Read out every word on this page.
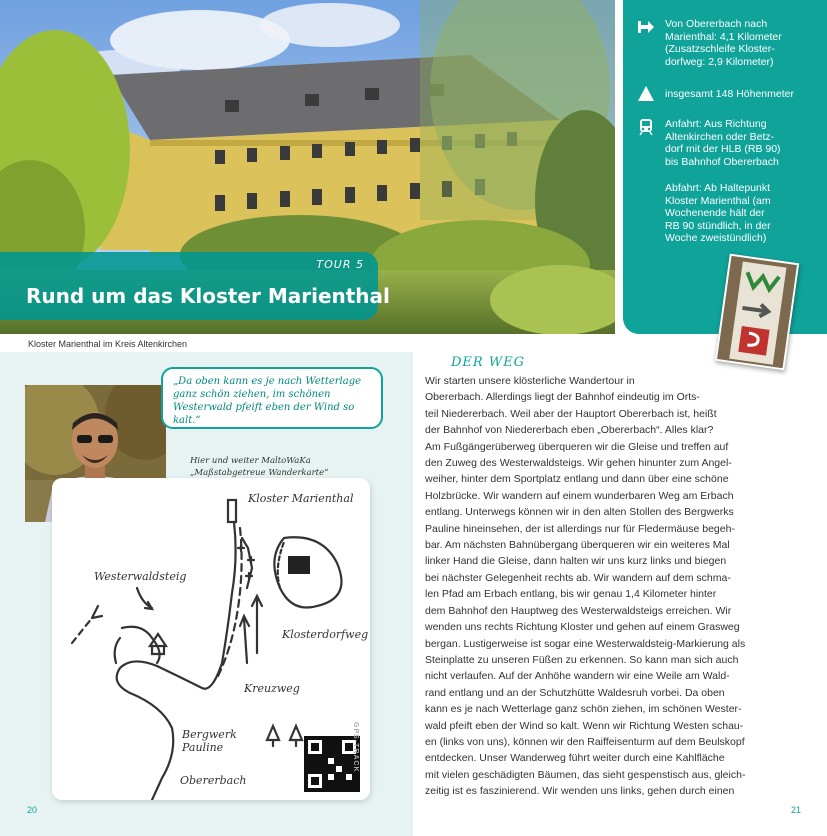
TOUR 5
Rund um das Kloster Marienthal
Kloster Marienthal im Kreis Altenkirchen
„Da oben kann es je nach Wetterlage ganz schön ziehen, im schönen Westerwald pfeift eben der Wind so kalt.“
Hier und weiter MaltoWaKa
„Maßstabgetreue Wanderkarte“
Kloster Marienthal
Westerwaldsteig
Klosterdorfweg
Kreuzweg
Bergwerk Pauline
Obererbach
GPS-TRACK
20
Von Obererbach nach
Marienthal: 4,1 Kilometer
(Zusatzschleife Kloster-
dorfweg: 2,9 Kilometer)
insgesamt 148 Höhenmeter
Anfahrt: Aus Richtung
Altenkirchen oder Betz-
dorf mit der HLB (RB 90)
bis Bahnhof Obererbach
Abfahrt: Ab Haltepunkt
Kloster Marienthal (am
Wochenende hält der
RB 90 stündlich, in der
Woche zweistündlich)
DER WEG
Wir starten unsere klösterliche Wandertour in
Obererbach. Allerdings liegt der Bahnhof eindeutig im Orts-
teil Niedererbach. Weil aber der Hauptort Obererbach ist, heißt
der Bahnhof von Niedererbach eben „Obererbach“. Alles klar?
Am Fußgängerüberweg überqueren wir die Gleise und treffen auf
den Zuweg des Westerwaldsteigs. Wir gehen hinunter zum Angel-
weiher, hinter dem Sportplatz entlang und dann über eine schöne
Holzbrücke. Wir wandern auf einem wunderbaren Weg am Erbach
entlang. Unterwegs können wir in den alten Stollen des Bergwerks
Pauline hineinsehen, der ist allerdings nur für Fledermäuse begeh-
bar. Am nächsten Bahnübergang überqueren wir ein weiteres Mal
linker Hand die Gleise, dann halten wir uns kurz links und biegen
bei nächster Gelegenheit rechts ab. Wir wandern auf dem schma-
len Pfad am Erbach entlang, bis wir genau 1,4 Kilometer hinter
dem Bahnhof den Hauptweg des Westerwaldsteigs erreichen. Wir
wenden uns rechts Richtung Kloster und gehen auf einem Grasweg
bergan. Lustigerweise ist sogar eine Westerwaldsteig-Markierung als
Steinplatte zu unseren Füßen zu erkennen. So kann man sich auch
nicht verlaufen. Auf der Anhöhe wandern wir eine Weile am Wald-
rand entlang und an der Schutzhütte Waldesruh vorbei. Da oben
kann es je nach Wetterlage ganz schön ziehen, im schönen Wester-
wald pfeift eben der Wind so kalt. Wenn wir Richtung Westen schau-
en (links von uns), können wir den Raiffeisenturm auf dem Beulskopf
entdecken. Unser Wanderweg führt weiter durch eine Kahlfläche
mit vielen geschädigten Bäumen, das sieht gespenstisch aus, gleich-
zeitig ist es faszinierend. Wir wenden uns links, gehen durch einen
21
